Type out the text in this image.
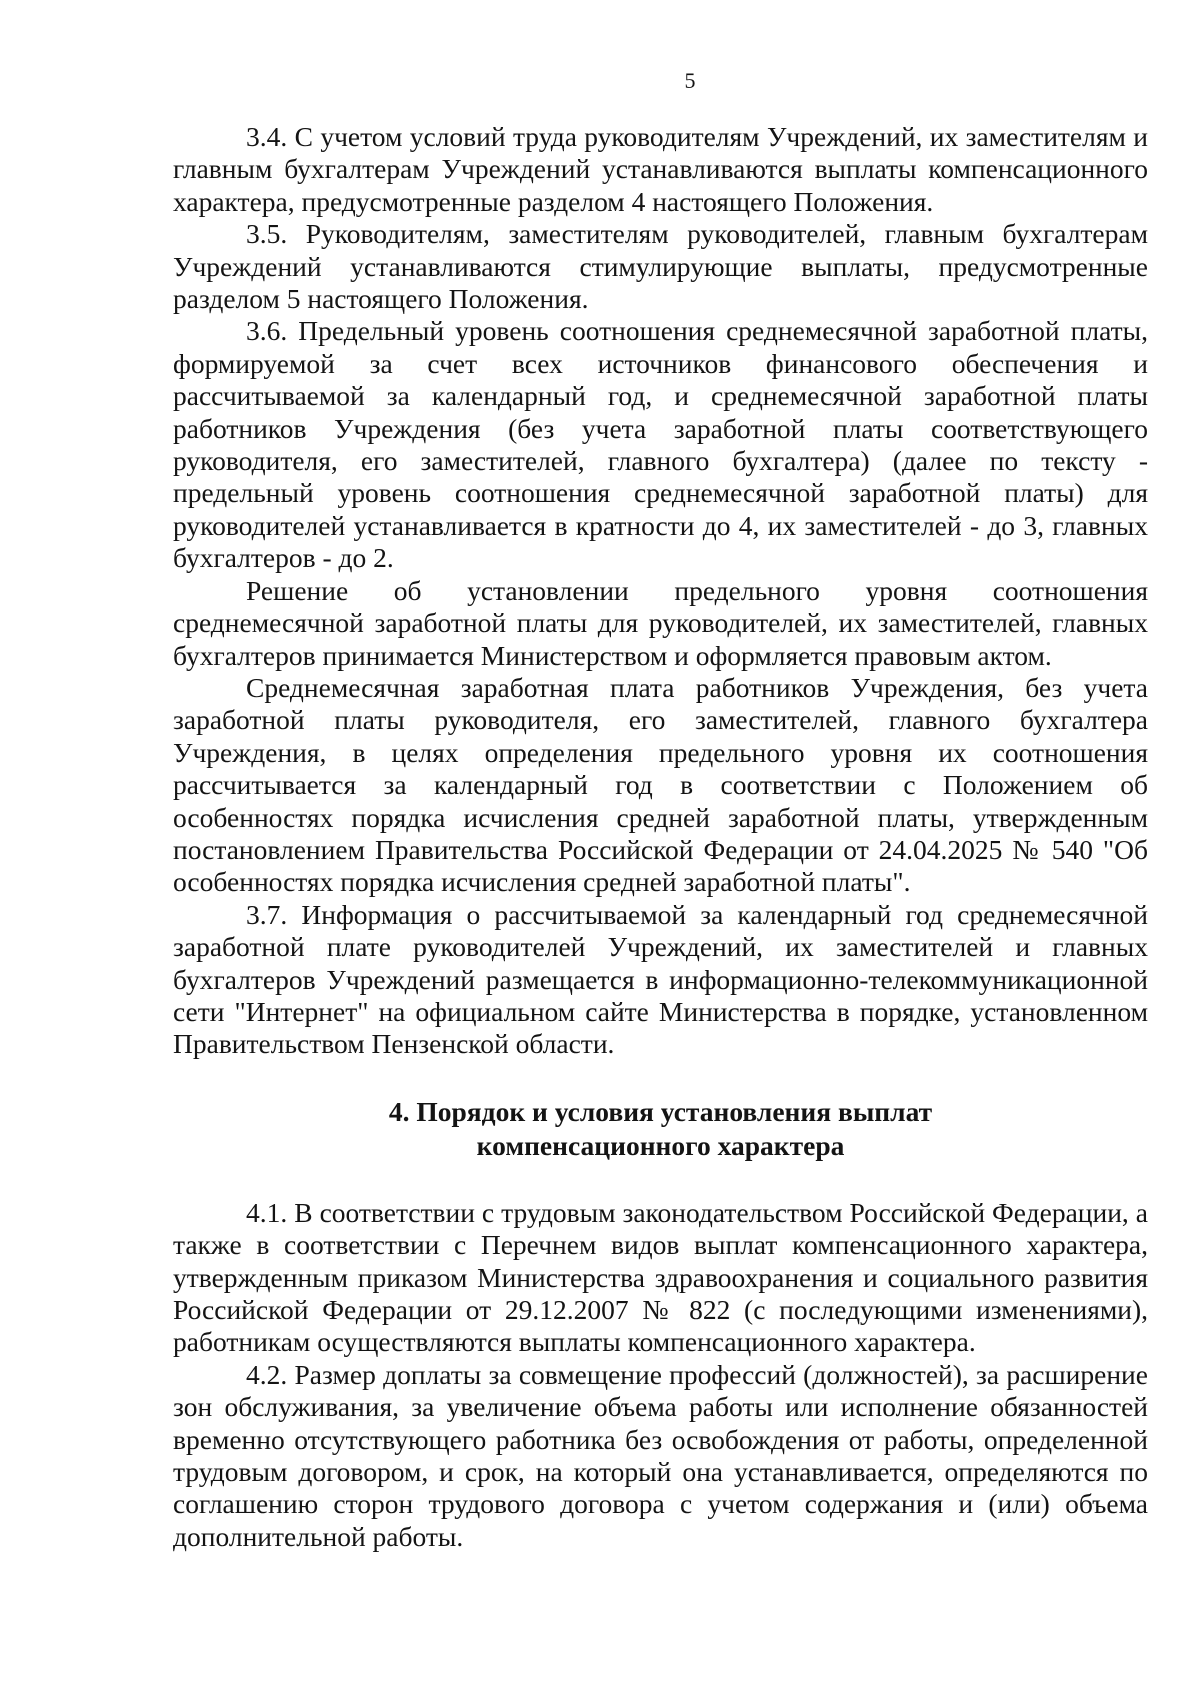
5

3.4. С учетом условий труда руководителям Учреждений, их заместителям и главным бухгалтерам Учреждений устанавливаются выплаты компенсационного характера, предусмотренные разделом 4 настоящего Положения.

3.5. Руководителям, заместителям руководителей, главным бухгалтерам Учреждений устанавливаются стимулирующие выплаты, предусмотренные разделом 5 настоящего Положения.

3.6. Предельный уровень соотношения среднемесячной заработной платы, формируемой за счет всех источников финансового обеспечения и рассчитываемой за календарный год, и среднемесячной заработной платы работников Учреждения (без учета заработной платы соответствующего руководителя, его заместителей, главного бухгалтера) (далее по тексту - предельный уровень соотношения среднемесячной заработной платы) для руководителей устанавливается в кратности до 4, их заместителей - до 3, главных бухгалтеров - до 2.

Решение об установлении предельного уровня соотношения среднемесячной заработной платы для руководителей, их заместителей, главных бухгалтеров принимается Министерством и оформляется правовым актом.

Среднемесячная заработная плата работников Учреждения, без учета заработной платы руководителя, его заместителей, главного бухгалтера Учреждения, в целях определения предельного уровня их соотношения рассчитывается за календарный год в соответствии с Положением об особенностях порядка исчисления средней заработной платы, утвержденным постановлением Правительства Российской Федерации от 24.04.2025 № 540 "Об особенностях порядка исчисления средней заработной платы".

3.7. Информация о рассчитываемой за календарный год среднемесячной заработной плате руководителей Учреждений, их заместителей и главных бухгалтеров Учреждений размещается в информационно-телекоммуникационной сети "Интернет" на официальном сайте Министерства в порядке, установленном Правительством Пензенской области.

4. Порядок и условия установления выплат
компенсационного характера

4.1. В соответствии с трудовым законодательством Российской Федерации, а также в соответствии с Перечнем видов выплат компенсационного характера, утвержденным приказом Министерства здравоохранения и социального развития Российской Федерации от 29.12.2007 № 822 (с последующими изменениями), работникам осуществляются выплаты компенсационного характера.

4.2. Размер доплаты за совмещение профессий (должностей), за расширение зон обслуживания, за увеличение объема работы или исполнение обязанностей временно отсутствующего работника без освобождения от работы, определенной трудовым договором, и срок, на который она устанавливается, определяются по соглашению сторон трудового договора с учетом содержания и (или) объема дополнительной работы.
